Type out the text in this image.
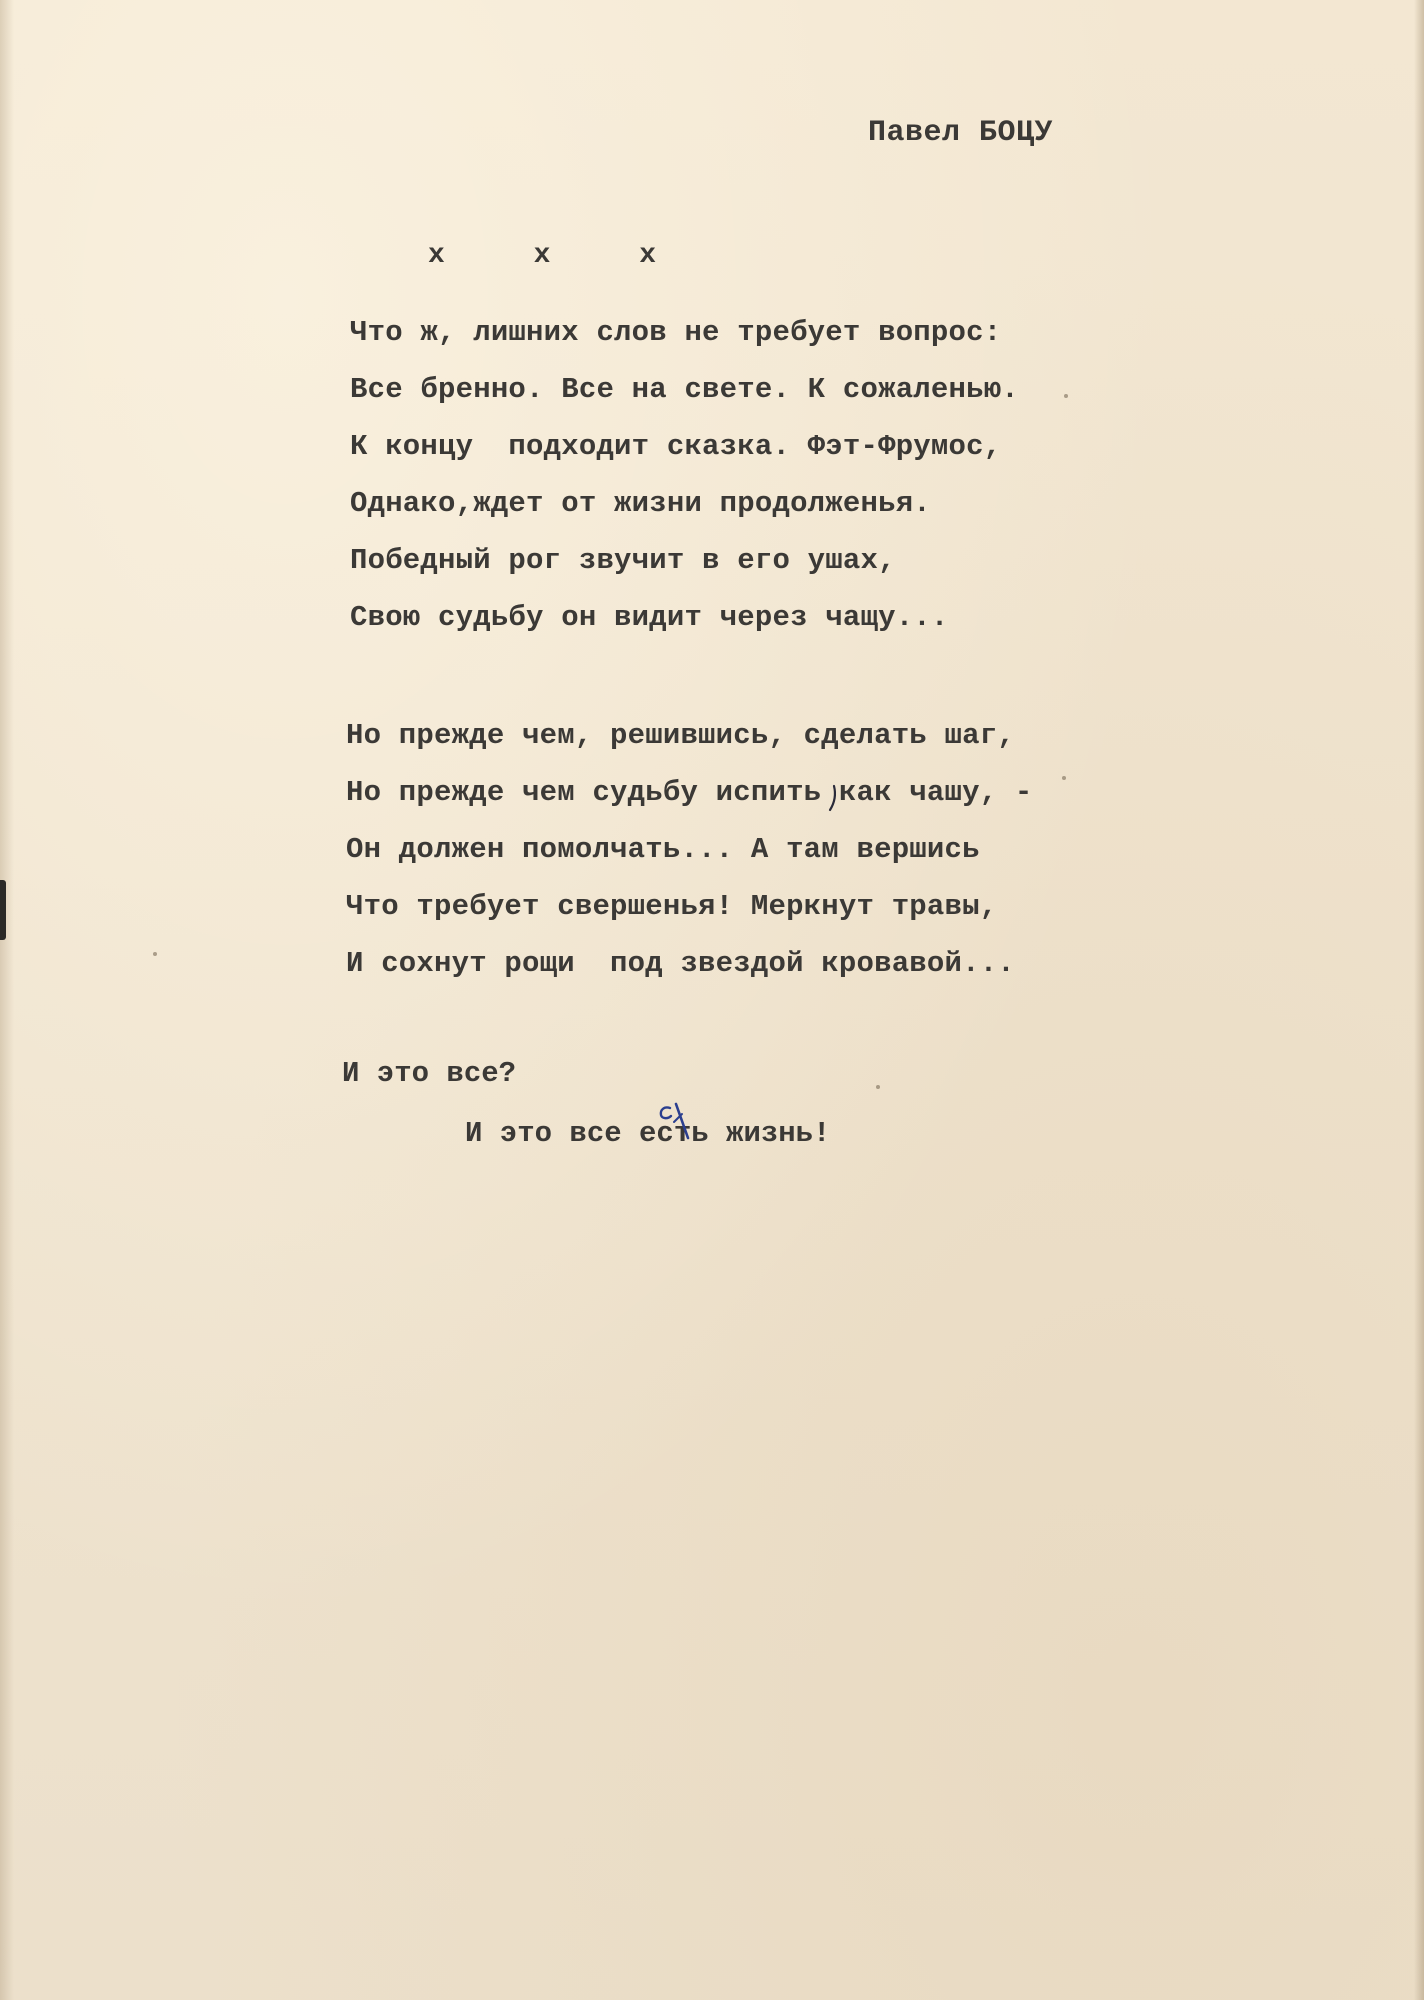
Павел БОЦУ
x x x
Что ж, лишних слов не требует вопрос:
Все бренно. Все на свете. К сожаленью.
К концу  подходит сказка. Фэт-Фрумос,
Однако,ждет от жизни продолженья.
Победный рог звучит в его ушах,
Свою судьбу он видит через чащу...
Но прежде чем, решившись, сделать шаг,
Но прежде чем судьбу испить как чашу, -
Он должен помолчать... А там вершись
Что требует свершенья! Меркнут травы,
И сохнут рощи  под звездой кровавой...
И это все?
И это все есть жизнь!
с
